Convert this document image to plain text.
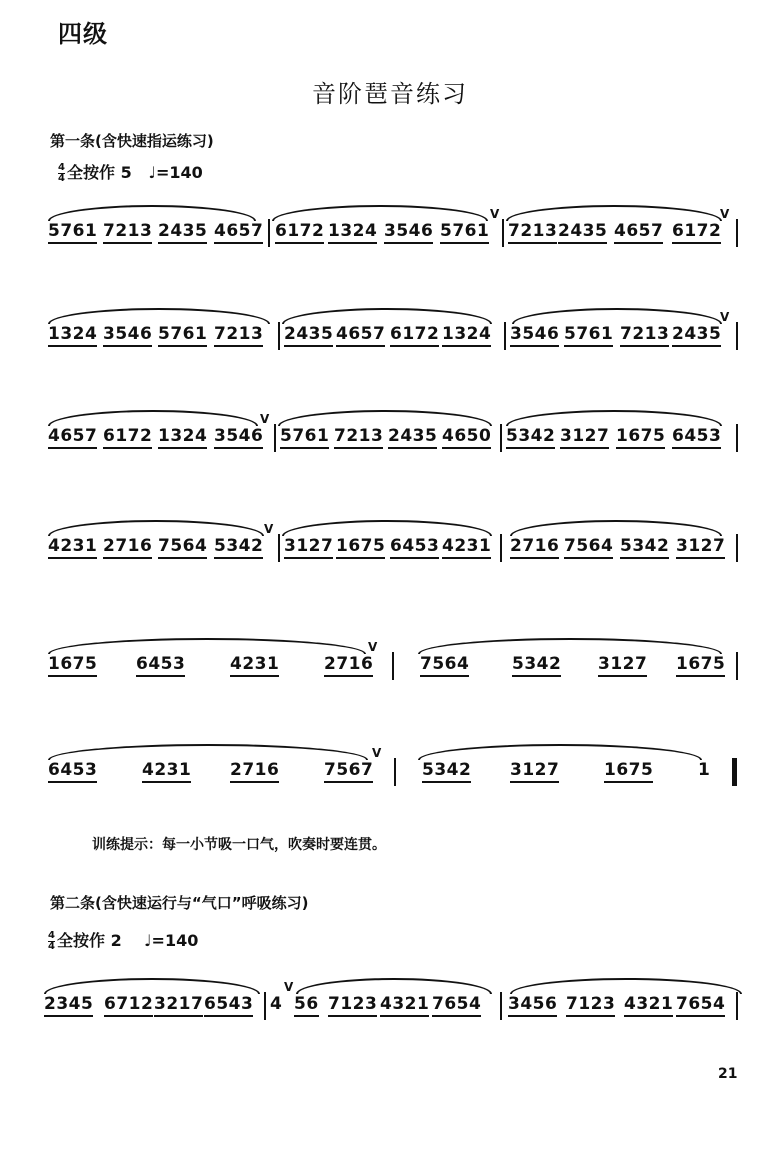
四级
音阶琶音练习
第一条(含快速指运练习)
$\frac{4}{4}$ 全按作 5 ♩=140
5761 7213 2435 4657 6172 1324 3546 5761
V
7213 2435 4657 6172
V
1324 3546 5761 7213 2435 4657 6172 1324 3546 5761 7213 2435
V
4657 6172 1324 3546
V
5761 7213 2435 4650 5342 3127 1675 6453
4231 2716 7564 5342
V
3127 1675 6453 4231 2716 7564 5342 3127
1675 6453	4231	2716
V
7564	5342 3127 1675
6453	4231 2716	7567
V
5342 3127	1675	1
训练提示：每一小节吸一口气，吹奏时要连贯。
第二条(含快速运行与“气口”呼吸练习)
$\frac{4}{4}$ 全按作 2 ♩=140
2345 6712 3217 6543 4
V
56 7123 4321 7654 3456 7123 4321 7654
21
